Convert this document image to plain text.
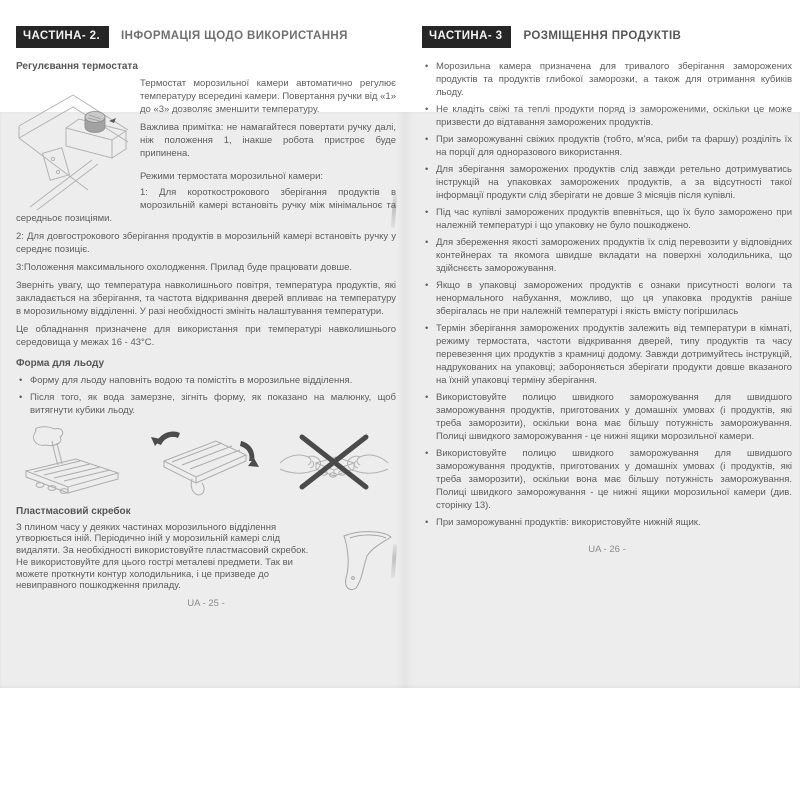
ЧАСТИНА- 2.	ІНФОРМАЦІЯ ЩОДО ВИКОРИСТАННЯ
Регулєвання термостата

Термостат морозильної камери автоматично регулює температуру всередині камери. Повертання ручки від «1» до «3» дозволяє зменшити температуру.

Важлива примітка: не намагайтеся повертати ручку далі, ніж положення 1, інакше робота пристроє буде припинена.

Режими термостата морозильної камери:

1: Для короткострокового зберігання продуктів в морозильній камері встановіть ручку між мінімальноє та середньоє позиціями.

2: Для довгострокового зберігання продуктів в морозильній камері встановіть ручку у середнє позиціє.

3:Положення максимального охолодження. Прилад буде працювати довше.

Зверніть увагу, що температура навколишнього повітря, температура продуктів, які закладається на зберігання, та частота відкривання дверей впливає на температуру в морозильному відділенні. У разі необхідності змініть налаштування температури.

Це обладнання призначене для використання при температурі навколишнього середовища у межах 16 - 43°С.

Форма для льоду
• Форму для льоду наповніть водою та помістіть в морозильне відділення.
• Після того, як вода замерзне, зігніть форму, як показано на малюнку, щоб витягнути кубики льоду.
Пластмасовий скребок
З плином часу у деяких частинах морозильного відділення утворюється іній. Періодично іній у морозильній камері слід видаляти. За необхідності використовуйте пластмасовий скребок. Не використовуйте для цього гострі металеві предмети. Так ви можете проткнути контур холодильника, і це призведе до невиправного пошкодження приладу.
UA - 25 -
ЧАСТИНА- 3	РОЗМІЩЕННЯ ПРОДУКТІВ
• Морозильна камера призначена для тривалого зберігання заморожених продуктів та продуктів глибокої заморозки, а також для отримання кубиків льоду.
• Не кладіть свіжі та теплі продукти поряд із замороженими, оскільки це може призвести до відтавання заморожених продуктів.
• При заморожуванні свіжих продуктів (тобто, м'яса, риби та фаршу) розділіть їх на порції для одноразового використання.
• Для зберігання заморожених продуктів слід завжди ретельно дотримуватись інструкцій на упаковках заморожених продуктів, а за відсутності такої інформації продукти слід зберігати не довше 3 місяців після купівлі.
• Під час купівлі заморожених продуктів впевніться, що їх було заморожено при належній температурі і що упаковку не було пошкоджено.
• Для збереження якості заморожених продуктів їх слід перевозити у відповідних контейнерах та якомога швидше вкладати на поверхні холодильника, що здійснєєть заморожування.
• Якщо в упаковці заморожених продуктів є ознаки присутності вологи та ненормального набухання, можливо, що ця упаковка продуктів раніше зберігалась не при належній температурі і якість вмісту погіршилась
• Термін зберігання заморожених продуктів залежить від температури в кімнаті, режиму термостата, частоти відкривання дверей, типу продуктів та часу перевезення цих продуктів з крамниці додому. Завжди дотримуйтесь інструкцій, надрукованих на упаковці; забороняється зберігати продукти довше вказаного на їхній упаковці терміну зберігання.
• Використовуйте полицю швидкого заморожування для швидшого заморожування продуктів, приготованих у домашніх умовах (і продуктів, які треба заморозити), оскільки вона має більшу потужність заморожування. Полиці швидкого заморожування - це нижні ящики морозильної камери.
• Використовуйте полицю швидкого заморожування для швидшого заморожування продуктів, приготованих у домашніх умовах (і продуктів, які треба заморозити), оскільки вона має більшу потужність заморожування. Полиці швидкого заморожування - це нижні ящики морозильної камери (див. сторінку 13).
• При заморожуванні продуктів: використовуйте нижній ящик.
UA - 26 -
